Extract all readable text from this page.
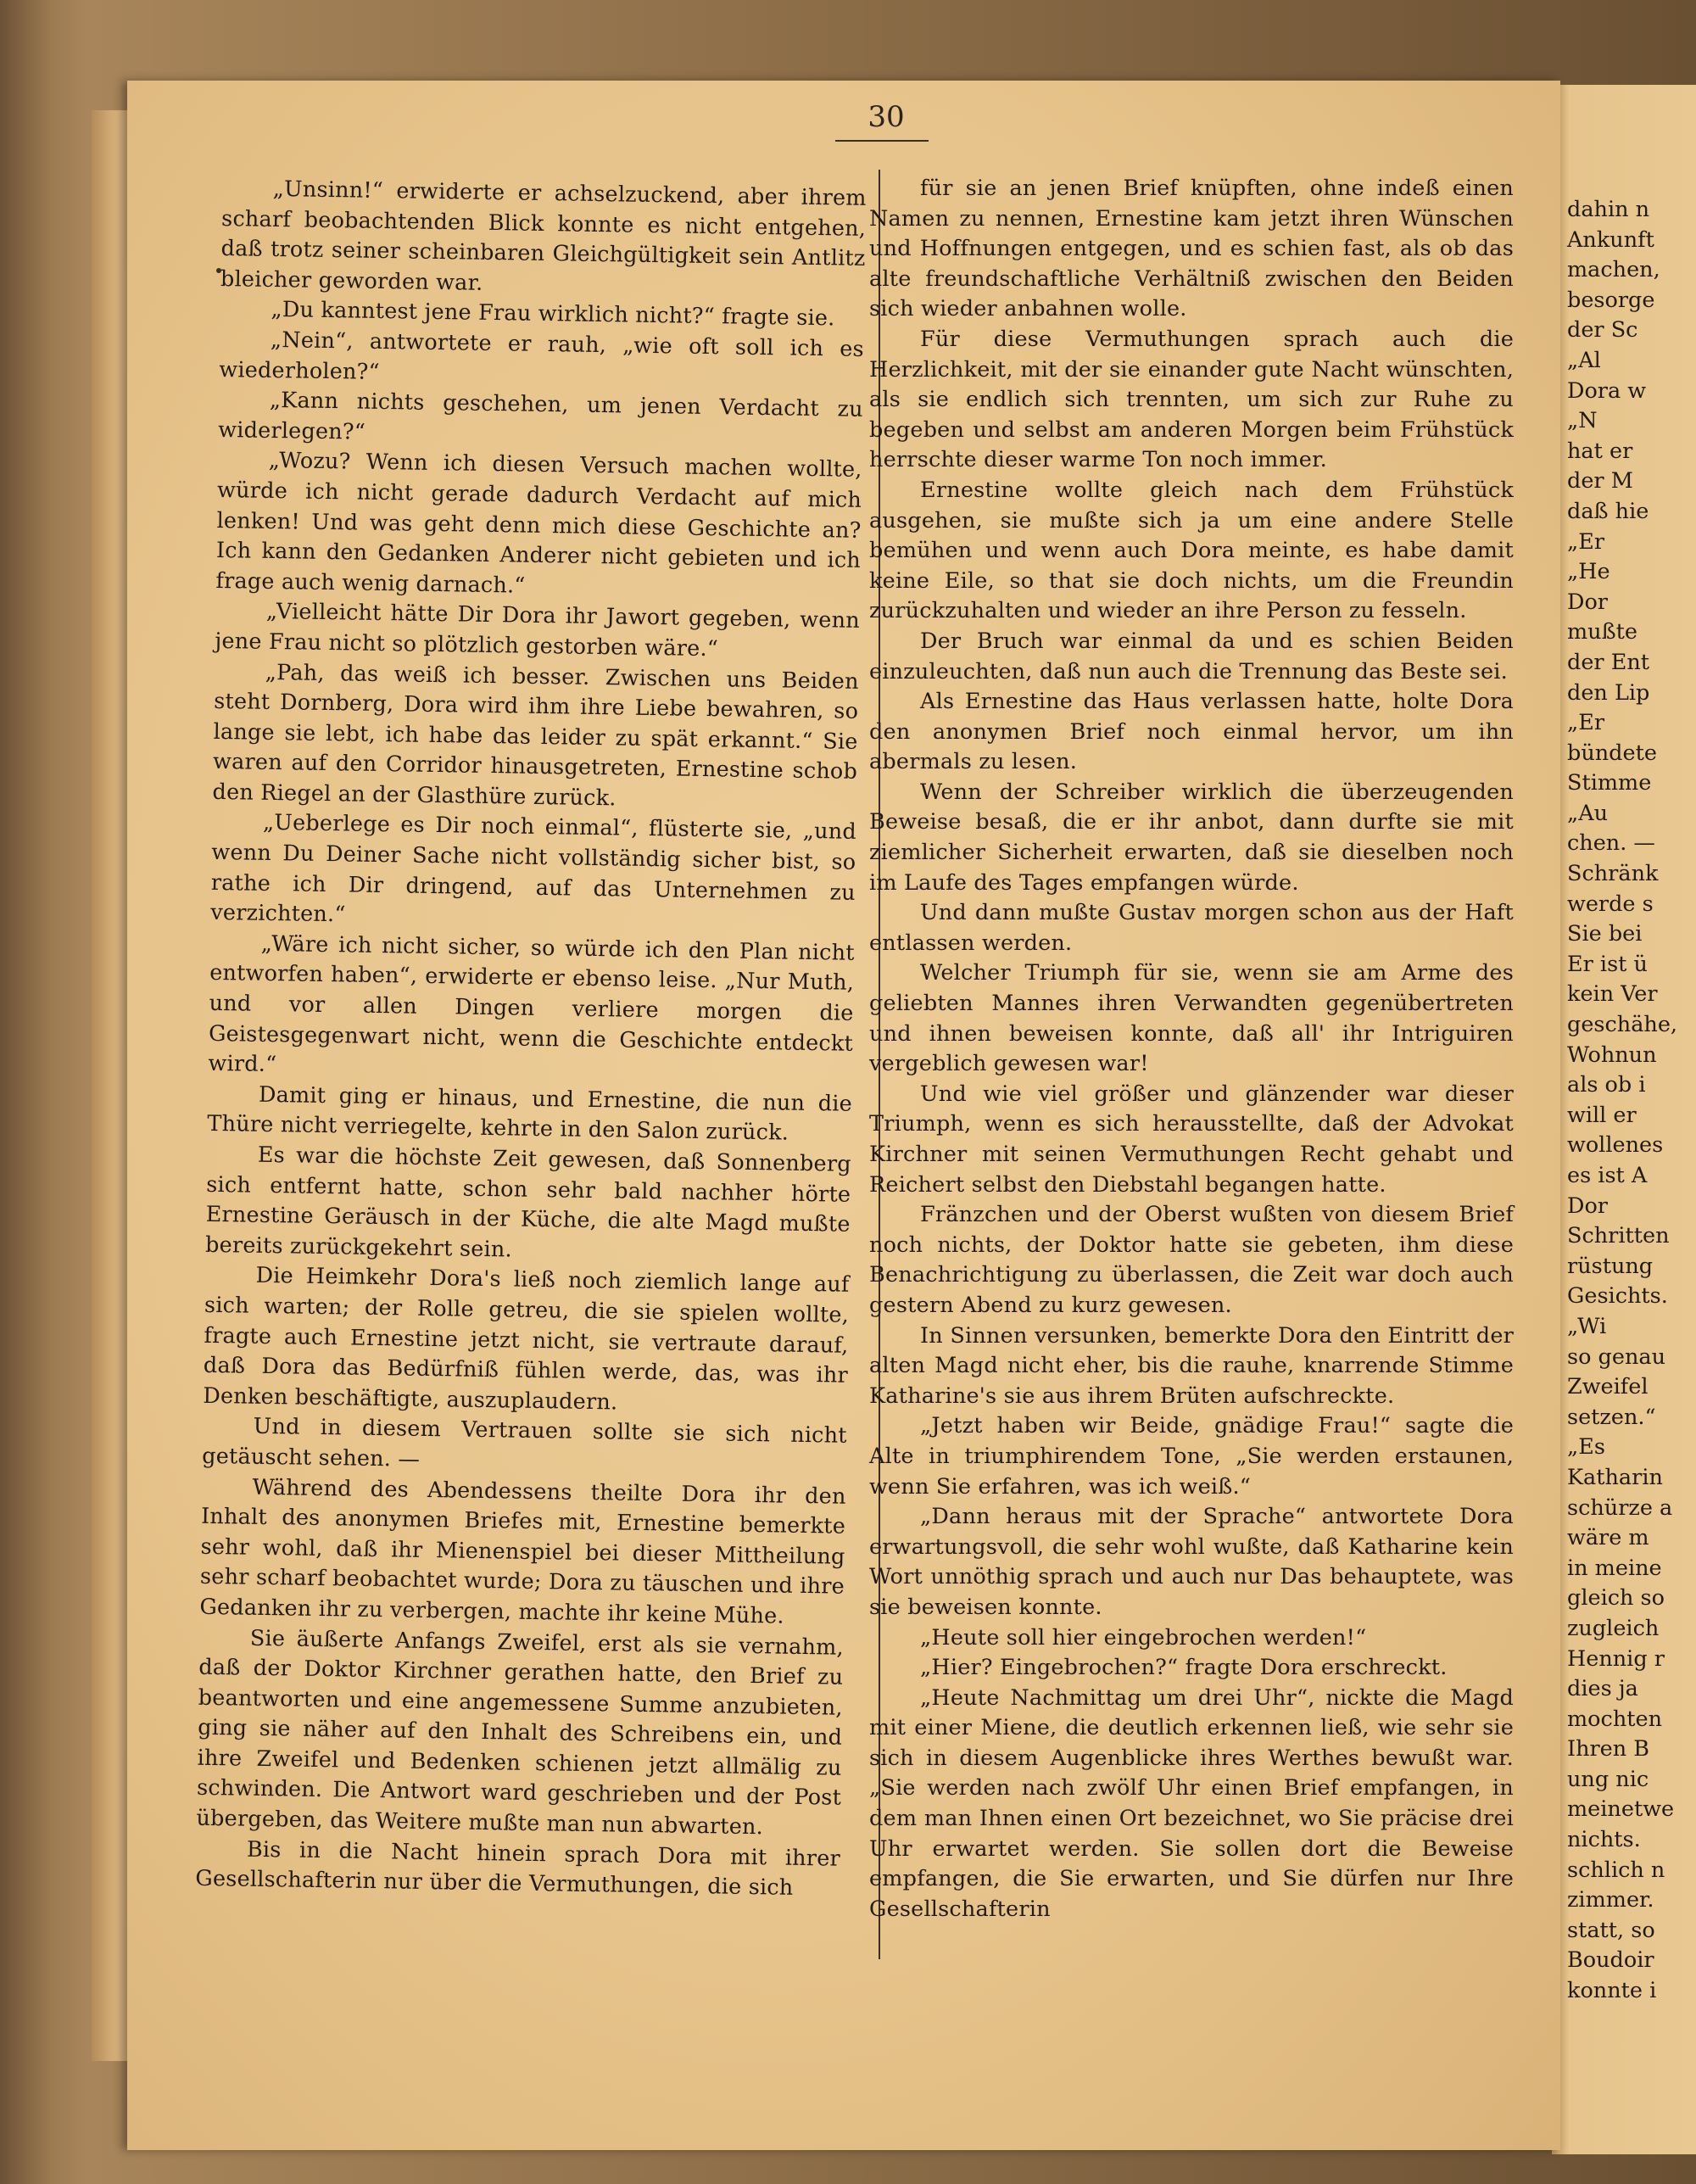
dahin n
Ankunft
machen,
besorge
der Sc
„Al
Dora w
„N
hat er
der M
daß hie
„Er
„He
Dor
mußte
der Ent
den Lip
„Er
bündete
Stimme
„Au
chen. —
Schränk
werde s
Sie bei
Er ist ü
kein Ver
geschähe,
Wohnun
als ob i
will er
wollenes
es ist A
Dor
Schritten
rüstung
Gesichts.
„Wi
so genau
Zweifel
setzen.“
„Es
Katharin
schürze a
wäre m
in meine
gleich so
zugleich
Hennig r
dies ja
mochten
Ihren B
ung nic
meinetwe
nichts.
schlich n
zimmer.
statt, so
Boudoir
konnte i
30

„Unsinn!“ erwiderte er achselzuckend, aber ihrem scharf beobachtenden Blick konnte es nicht entgehen, daß trotz seiner scheinbaren Gleichgültigkeit sein Antlitz bleicher geworden war.

„Du kanntest jene Frau wirklich nicht?“ fragte sie.

„Nein“, antwortete er rauh, „wie oft soll ich es wiederholen?“

„Kann nichts geschehen, um jenen Verdacht zu widerlegen?“

„Wozu? Wenn ich diesen Versuch machen wollte, würde ich nicht gerade dadurch Verdacht auf mich lenken! Und was geht denn mich diese Geschichte an? Ich kann den Gedanken Anderer nicht gebieten und ich frage auch wenig darnach.“

„Vielleicht hätte Dir Dora ihr Jawort gegeben, wenn jene Frau nicht so plötzlich gestorben wäre.“

„Pah, das weiß ich besser. Zwischen uns Beiden steht Dornberg, Dora wird ihm ihre Liebe bewahren, so lange sie lebt, ich habe das leider zu spät erkannt.“ Sie waren auf den Corridor hinausgetreten, Ernestine schob den Riegel an der Glasthüre zurück.

„Ueberlege es Dir noch einmal“, flüsterte sie, „und wenn Du Deiner Sache nicht vollständig sicher bist, so rathe ich Dir dringend, auf das Unternehmen zu verzichten.“

„Wäre ich nicht sicher, so würde ich den Plan nicht entworfen haben“, erwiderte er ebenso leise. „Nur Muth, und vor allen Dingen verliere morgen die Geistesgegenwart nicht, wenn die Geschichte entdeckt wird.“

Damit ging er hinaus, und Ernestine, die nun die Thüre nicht verriegelte, kehrte in den Salon zurück.

Es war die höchste Zeit gewesen, daß Sonnenberg sich entfernt hatte, schon sehr bald nachher hörte Ernestine Geräusch in der Küche, die alte Magd mußte bereits zurückgekehrt sein.

Die Heimkehr Dora's ließ noch ziemlich lange auf sich warten; der Rolle getreu, die sie spielen wollte, fragte auch Ernestine jetzt nicht, sie vertraute darauf, daß Dora das Bedürfniß fühlen werde, das, was ihr Denken beschäftigte, auszuplaudern.

Und in diesem Vertrauen sollte sie sich nicht getäuscht sehen. —

Während des Abendessens theilte Dora ihr den Inhalt des anonymen Briefes mit, Ernestine bemerkte sehr wohl, daß ihr Mienenspiel bei dieser Mittheilung sehr scharf beobachtet wurde; Dora zu täuschen und ihre Gedanken ihr zu verbergen, machte ihr keine Mühe.

Sie äußerte Anfangs Zweifel, erst als sie vernahm, daß der Doktor Kirchner gerathen hatte, den Brief zu beantworten und eine angemessene Summe anzubieten, ging sie näher auf den Inhalt des Schreibens ein, und ihre Zweifel und Bedenken schienen jetzt allmälig zu schwinden. Die Antwort ward geschrieben und der Post übergeben, das Weitere mußte man nun abwarten.

Bis in die Nacht hinein sprach Dora mit ihrer Gesellschafterin nur über die Vermuthungen, die sich

für sie an jenen Brief knüpften, ohne indeß einen Namen zu nennen, Ernestine kam jetzt ihren Wünschen und Hoffnungen entgegen, und es schien fast, als ob das alte freundschaftliche Verhältniß zwischen den Beiden sich wieder anbahnen wolle.

Für diese Vermuthungen sprach auch die Herzlichkeit, mit der sie einander gute Nacht wünschten, als sie endlich sich trennten, um sich zur Ruhe zu begeben und selbst am anderen Morgen beim Frühstück herrschte dieser warme Ton noch immer.

Ernestine wollte gleich nach dem Frühstück ausgehen, sie mußte sich ja um eine andere Stelle bemühen und wenn auch Dora meinte, es habe damit keine Eile, so that sie doch nichts, um die Freundin zurückzuhalten und wieder an ihre Person zu fesseln.

Der Bruch war einmal da und es schien Beiden einzuleuchten, daß nun auch die Trennung das Beste sei.

Als Ernestine das Haus verlassen hatte, holte Dora den anonymen Brief noch einmal hervor, um ihn abermals zu lesen.

Wenn der Schreiber wirklich die überzeugenden Beweise besaß, die er ihr anbot, dann durfte sie mit ziemlicher Sicherheit erwarten, daß sie dieselben noch im Laufe des Tages empfangen würde.

Und dann mußte Gustav morgen schon aus der Haft entlassen werden.

Welcher Triumph für sie, wenn sie am Arme des geliebten Mannes ihren Verwandten gegenübertreten und ihnen beweisen konnte, daß all' ihr Intriguiren vergeblich gewesen war!

Und wie viel größer und glänzender war dieser Triumph, wenn es sich herausstellte, daß der Advokat Kirchner mit seinen Vermuthungen Recht gehabt und Reichert selbst den Diebstahl begangen hatte.

Fränzchen und der Oberst wußten von diesem Brief noch nichts, der Doktor hatte sie gebeten, ihm diese Benachrichtigung zu überlassen, die Zeit war doch auch gestern Abend zu kurz gewesen.

In Sinnen versunken, bemerkte Dora den Eintritt der alten Magd nicht eher, bis die rauhe, knarrende Stimme Katharine's sie aus ihrem Brüten aufschreckte.

„Jetzt haben wir Beide, gnädige Frau!“ sagte die Alte in triumphirendem Tone, „Sie werden erstaunen, wenn Sie erfahren, was ich weiß.“

„Dann heraus mit der Sprache“ antwortete Dora erwartungsvoll, die sehr wohl wußte, daß Katharine kein Wort unnöthig sprach und auch nur Das behauptete, was sie beweisen konnte.

„Heute soll hier eingebrochen werden!“

„Hier? Eingebrochen?“ fragte Dora erschreckt.

„Heute Nachmittag um drei Uhr“, nickte die Magd mit einer Miene, die deutlich erkennen ließ, wie sehr sie sich in diesem Augenblicke ihres Werthes bewußt war. „Sie werden nach zwölf Uhr einen Brief empfangen, in dem man Ihnen einen Ort bezeichnet, wo Sie präcise drei Uhr erwartet werden. Sie sollen dort die Beweise empfangen, die Sie erwarten, und Sie dürfen nur Ihre Gesellschafterin
